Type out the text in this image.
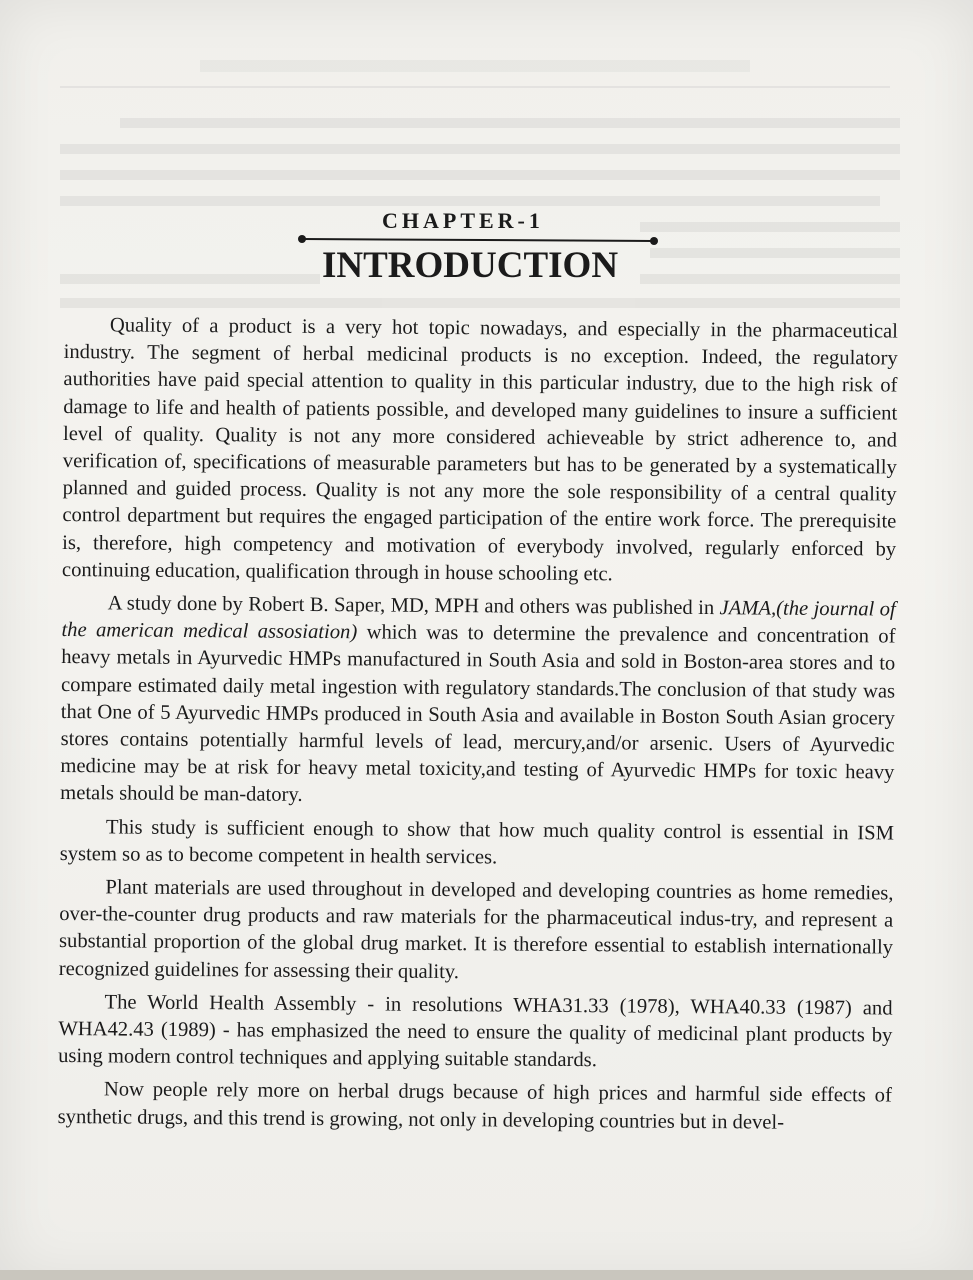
CHAPTER-1
INTRODUCTION

Quality of a product is a very hot topic nowadays, and especially in the pharmaceutical industry. The segment of herbal medicinal products is no exception. Indeed, the regulatory authorities have paid special attention to quality in this particular industry, due to the high risk of damage to life and health of patients possible, and developed many guidelines to insure a sufficient level of quality. Quality is not any more considered achieveable by strict adherence to, and verification of, specifications of measurable parameters but has to be generated by a systematically planned and guided process. Quality is not any more the sole responsibility of a central quality control department but requires the engaged participation of the entire work force. The prerequisite is, therefore, high competency and motivation of everybody involved, regularly enforced by continuing education, qualification through in house schooling etc.

A study done by Robert B. Saper, MD, MPH and others was published in JAMA,(the journal of the american medical assosiation) which was to determine the prevalence and concentration of heavy metals in Ayurvedic HMPs manufactured in South Asia and sold in Boston-area stores and to compare estimated daily metal ingestion with regulatory standards.The conclusion of that study was that One of 5 Ayurvedic HMPs produced in South Asia and available in Boston South Asian grocery stores contains potentially harmful levels of lead, mercury,and/or arsenic. Users of Ayurvedic medicine may be at risk for heavy metal toxicity,and testing of Ayurvedic HMPs for toxic heavy metals should be man-datory.

This study is sufficient enough to show that how much quality control is essential in ISM system so as to become competent in health services.

Plant materials are used throughout in developed and developing countries as home remedies, over-the-counter drug products and raw materials for the pharmaceutical indus-try, and represent a substantial proportion of the global drug market. It is therefore essential to establish internationally recognized guidelines for assessing their quality.

The World Health Assembly - in resolutions WHA31.33 (1978), WHA40.33 (1987) and WHA42.43 (1989) - has emphasized the need to ensure the quality of medicinal plant products by using modern control techniques and applying suitable standards.

Now people rely more on herbal drugs because of high prices and harmful side effects of synthetic drugs, and this trend is growing, not only in developing countries but in devel-
